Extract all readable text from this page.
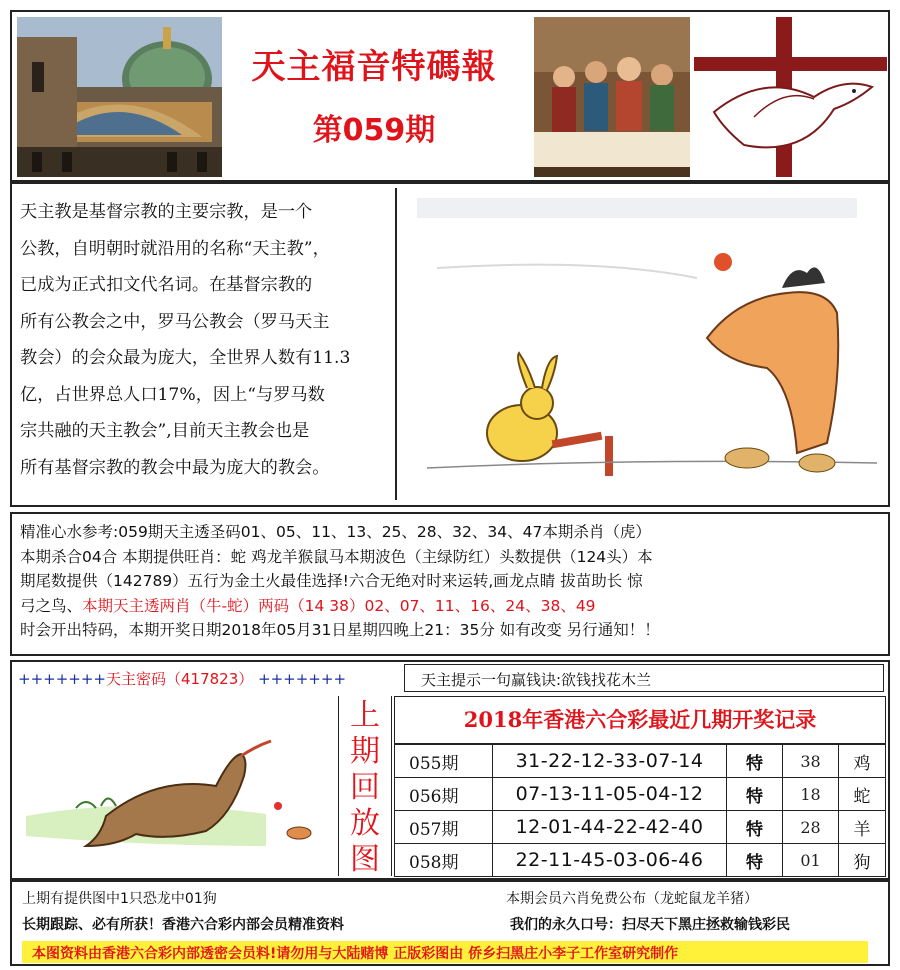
天主福音特碼報
第059期
天主教是基督宗教的主要宗教，是一个
公教，自明朝时就沿用的名称“天主教”，
已成为正式扣文代名词。在基督宗教的
所有公教会之中，罗马公教会（罗马天主
教会）的会众最为庞大，全世界人数有11.3
亿，占世界总人口17%，因上“与罗马数
宗共融的天主教会”,目前天主教会也是
所有基督宗教的教会中最为庞大的教会。

精准心水参考:059期天主透圣码01、05、11、13、25、28、32、34、47本期杀肖（虎）

本期杀合04合 本期提供旺肖：蛇 鸡龙羊猴鼠马本期波色（主绿防红）头数提供（124头）本

期尾数提供（142789）五行为金土火最佳选择!六合无绝对时来运转,画龙点睛 拔苗助长 惊

弓之鸟、本期天主透两肖（牛-蛇）两码（14 38）02、07、11、16、24、38、49

时会开出特码，本期开奖日期2018年05月31日星期四晚上21：35分 如有改变 另行通知！！

+++++++天主密码（417823） +++++++	天主提示一句赢钱诀:欲钱找花木兰
上
期
回
放
图
2018年香港六合彩最近几期开奖记录
055期	31-22-12-33-07-14	特	38	鸡
056期	07-13-11-05-04-12	特	18	蛇
057期	12-01-44-22-42-40	特	28	羊
058期	22-11-45-03-06-46	特	01	狗
上期有提供图中1只恐龙中01狗	本期会员六肖免费公布（龙蛇鼠龙羊猪）
长期跟踪、必有所获！香港六合彩内部会员精准资料	我们的永久口号：扫尽天下黑庄拯救输钱彩民
本图资料由香港六合彩内部透密会员料!请勿用与大陆赌博 正版彩图由 侨乡扫黑庄小李子工作室研究制作
